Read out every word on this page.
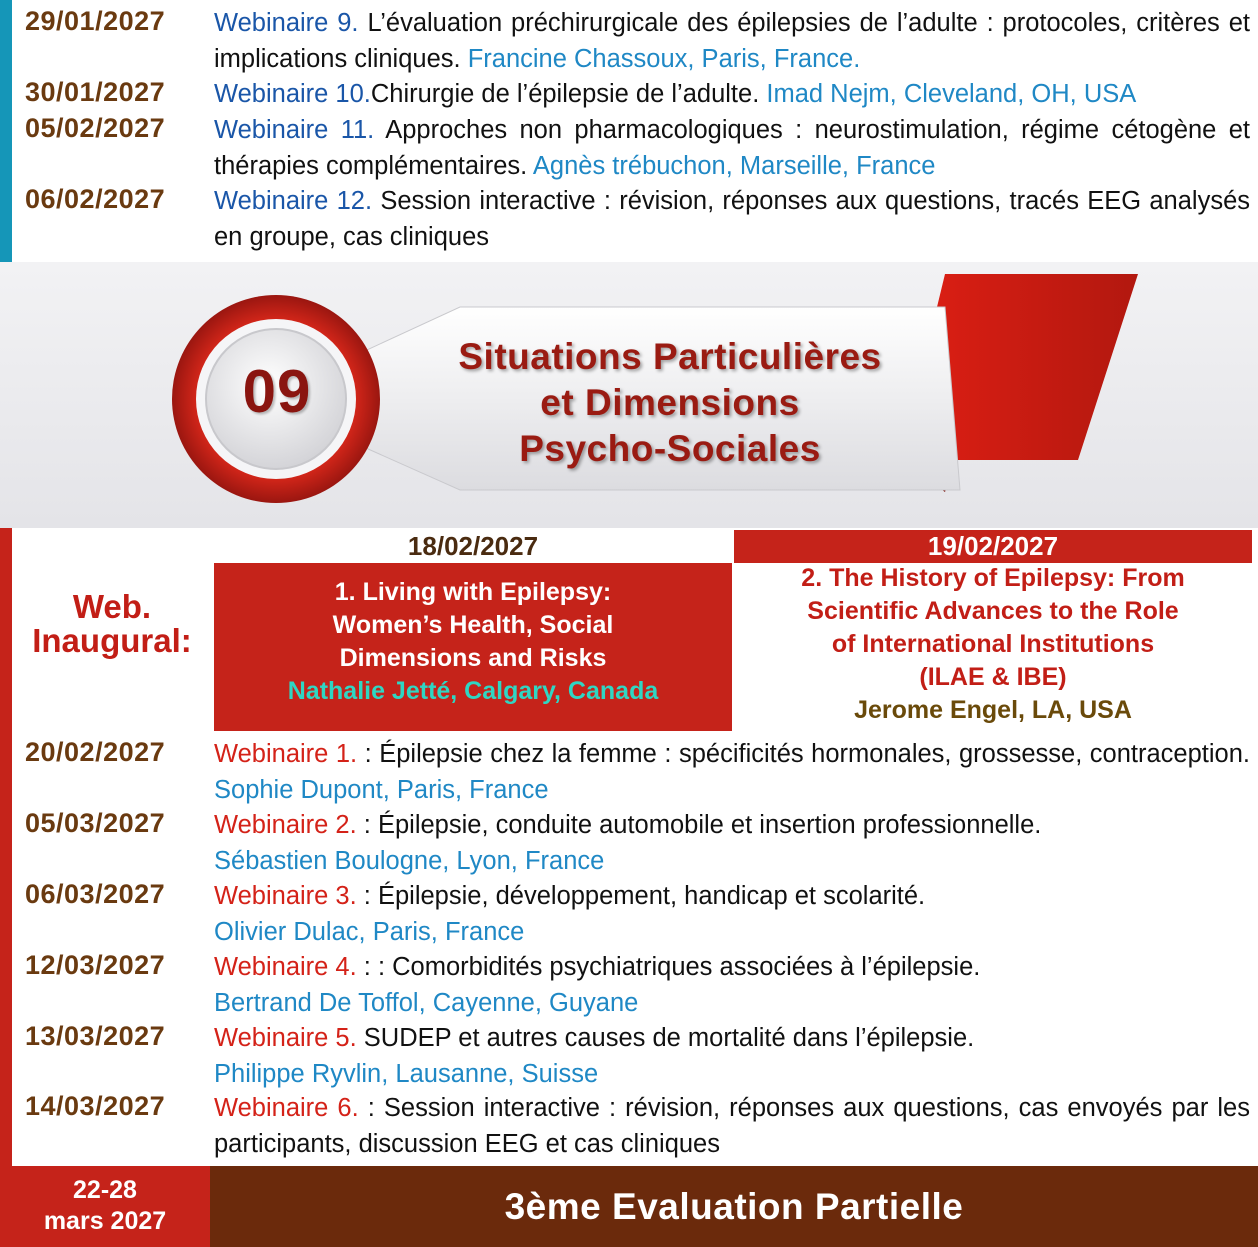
29/01/2027 Webinaire 9. L’évaluation préchirurgicale des épilepsies de l’adulte : protocoles, critères et implications cliniques. Francine Chassoux, Paris, France.
30/01/2027 Webinaire 10.Chirurgie de l’épilepsie de l’adulte. Imad Nejm, Cleveland, OH, USA
05/02/2027 Webinaire 11. Approches non pharmacologiques : neurostimulation, régime cétogène et thérapies complémentaires. Agnès trébuchon, Marseille, France
06/02/2027 Webinaire 12. Session interactive : révision, réponses aux questions, tracés EEG analysés en groupe, cas cliniques
09
Situations Particulières
et Dimensions
Psycho-Sociales
Web.
Inaugural:
18/02/2027	19/02/2027
1. Living with Epilepsy:
Women’s Health, Social
Dimensions and Risks
Nathalie Jetté, Calgary, Canada
2. The History of Epilepsy: From
Scientific Advances to the Role
of International Institutions
(ILAE & IBE)
Jerome Engel, LA, USA
20/02/2027 Webinaire 1. : Épilepsie chez la femme : spécificités hormonales, grossesse, contraception. Sophie Dupont, Paris, France
05/03/2027 Webinaire 2. : Épilepsie, conduite automobile et insertion professionnelle.
Sébastien Boulogne, Lyon, France
06/03/2027 Webinaire 3. : Épilepsie, développement, handicap et scolarité.
Olivier Dulac, Paris, France
12/03/2027 Webinaire 4. : : Comorbidités psychiatriques associées à l’épilepsie.
Bertrand De Toffol, Cayenne, Guyane
13/03/2027 Webinaire 5. SUDEP et autres causes de mortalité dans l’épilepsie.
Philippe Ryvlin, Lausanne, Suisse
14/03/2027 Webinaire 6. : Session interactive : révision, réponses aux questions, cas envoyés par les participants, discussion EEG et cas cliniques
22-28
mars 2027	3ème Evaluation Partielle
